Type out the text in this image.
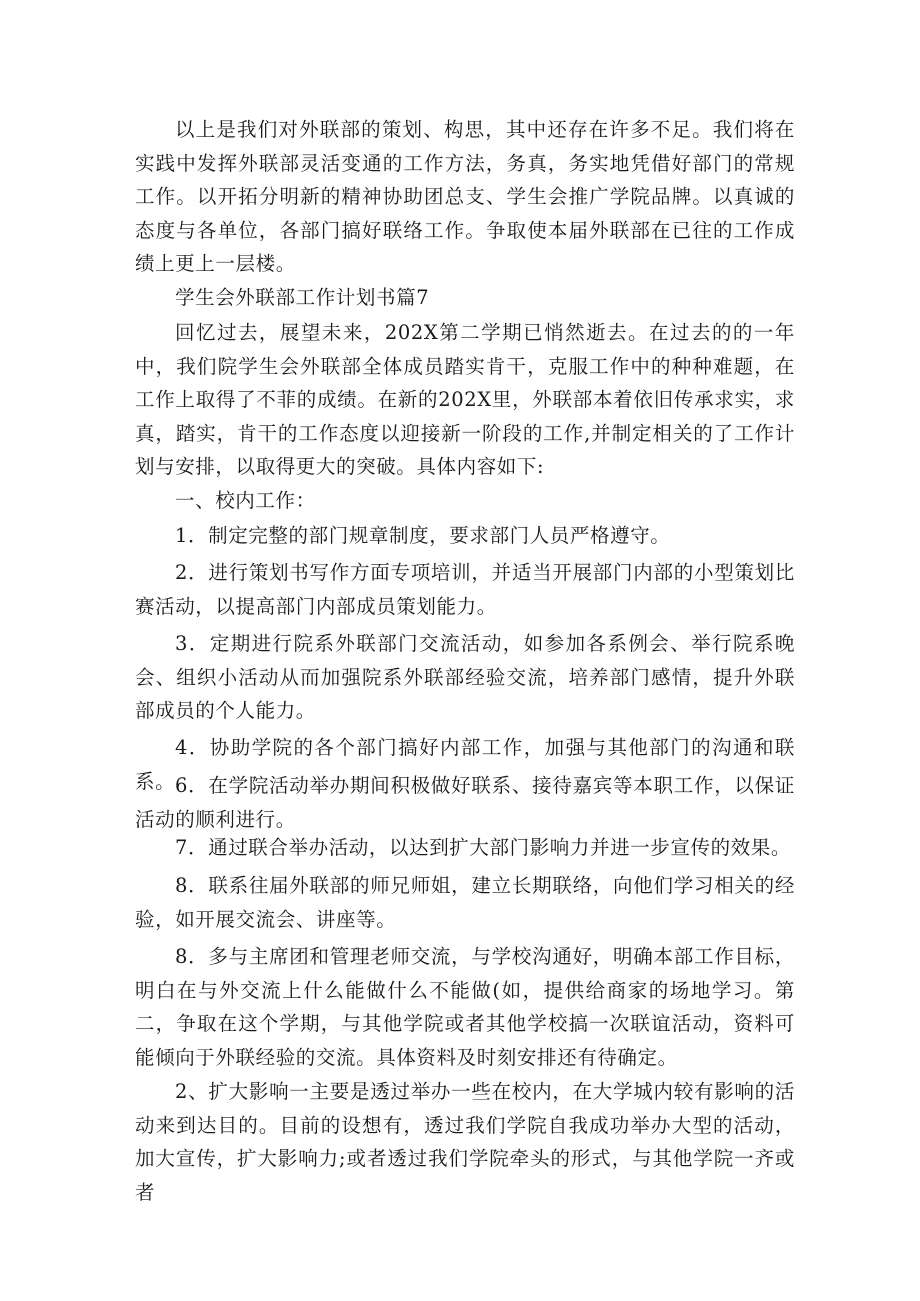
以上是我们对外联部的策划、构思，其中还存在许多不足。我们将在实践中发挥外联部灵活变通的工作方法，务真，务实地凭借好部门的常规工作。以开拓分明新的精神协助团总支、学生会推广学院品牌。以真诚的态度与各单位，各部门搞好联络工作。争取使本届外联部在已往的工作成绩上更上一层楼。

学生会外联部工作计划书篇7

回忆过去，展望未来，202X第二学期已悄然逝去。在过去的的一年中，我们院学生会外联部全体成员踏实肯干，克服工作中的种种难题，在工作上取得了不菲的成绩。在新的202X里，外联部本着依旧传承求实，求真，踏实，肯干的工作态度以迎接新一阶段的工作,并制定相关的了工作计划与安排，以取得更大的突破。具体内容如下:

一、校内工作：

1．制定完整的部门规章制度，要求部门人员严格遵守。

2．进行策划书写作方面专项培训，并适当开展部门内部的小型策划比赛活动，以提高部门内部成员策划能力。

3．定期进行院系外联部门交流活动，如参加各系例会、举行院系晚会、组织小活动从而加强院系外联部经验交流，培养部门感情，提升外联部成员的个人能力。

4．协助学院的各个部门搞好内部工作，加强与其他部门的沟通和联系。 6．在学院活动举办期间积极做好联系、接待嘉宾等本职工作，以保证活动的顺利进行。

7．通过联合举办活动，以达到扩大部门影响力并进一步宣传的效果。

8．联系往届外联部的师兄师姐，建立长期联络，向他们学习相关的经验，如开展交流会、讲座等。

8．多与主席团和管理老师交流，与学校沟通好，明确本部工作目标，明白在与外交流上什么能做什么不能做(如，提供给商家的场地学习。第二，争取在这个学期，与其他学院或者其他学校搞一次联谊活动，资料可能倾向于外联经验的交流。具体资料及时刻安排还有待确定。

2、扩大影响一主要是透过举办一些在校内，在大学城内较有影响的活动来到达目的。目前的设想有，透过我们学院自我成功举办大型的活动，加大宣传，扩大影响力;或者透过我们学院牵头的形式，与其他学院一齐或者
